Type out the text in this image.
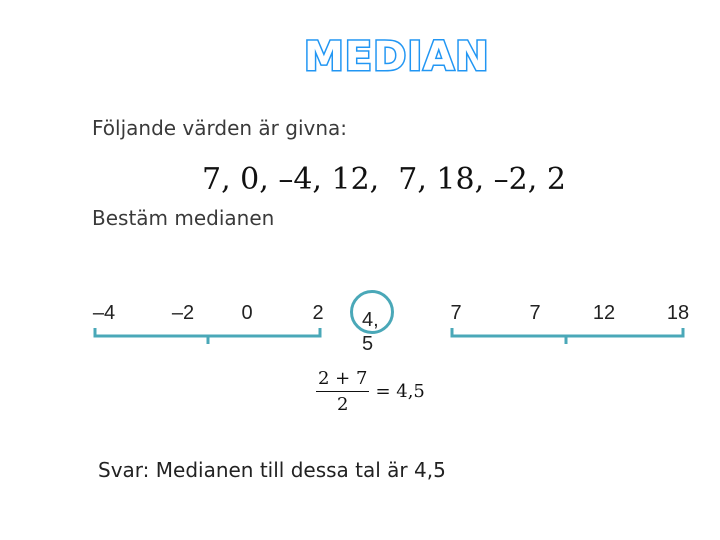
MEDIAN
Följande värden är givna:
7, 0, –4, 12,  7, 18, –2, 2
Bestäm medianen
–4	–2 0	2	7	7	12	18
4,5
$\frac{2 + 7}{2} = 4,5$
Svar: Medianen till dessa tal är 4,5
